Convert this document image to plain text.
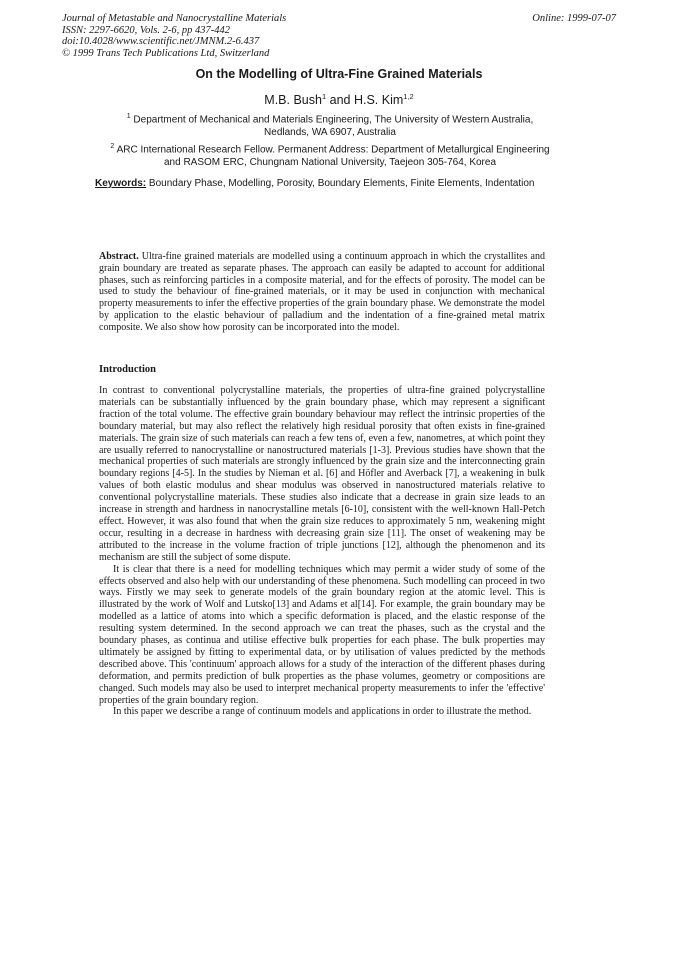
Journal of Metastable and Nanocrystalline Materials
ISSN: 2297-6620, Vols. 2-6, pp 437-442
doi:10.4028/www.scientific.net/JMNM.2-6.437
© 1999 Trans Tech Publications Ltd, Switzerland
Online: 1999-07-07
On the Modelling of Ultra-Fine Grained Materials
M.B. Bush$^1$ and H.S. Kim$^{1,2}$
$^1$ Department of Mechanical and Materials Engineering, The University of Western Australia, Nedlands, WA 6907, Australia
$^2$ ARC International Research Fellow. Permanent Address: Department of Metallurgical Engineering and RASOM ERC, Chungnam National University, Taejeon 305-764, Korea
Keywords: Boundary Phase, Modelling, Porosity, Boundary Elements, Finite Elements, Indentation
Abstract. Ultra-fine grained materials are modelled using a continuum approach in which the crystallites and grain boundary are treated as separate phases. The approach can easily be adapted to account for additional phases, such as reinforcing particles in a composite material, and for the effects of porosity. The model can be used to study the behaviour of fine-grained materials, or it may be used in conjunction with mechanical property measurements to infer the effective properties of the grain boundary phase. We demonstrate the model by application to the elastic behaviour of palladium and the indentation of a fine-grained metal matrix composite. We also show how porosity can be incorporated into the model.
Introduction

In contrast to conventional polycrystalline materials, the properties of ultra-fine grained polycrystalline materials can be substantially influenced by the grain boundary phase, which may represent a significant fraction of the total volume. The effective grain boundary behaviour may reflect the intrinsic properties of the boundary material, but may also reflect the relatively high residual porosity that often exists in fine-grained materials. The grain size of such materials can reach a few tens of, even a few, nanometres, at which point they are usually referred to nanocrystalline or nanostructured materials [1-3]. Previous studies have shown that the mechanical properties of such materials are strongly influenced by the grain size and the interconnecting grain boundary regions [4-5]. In the studies by Nieman et al. [6] and Höfler and Averback [7], a weakening in bulk values of both elastic modulus and shear modulus was observed in nanostructured materials relative to conventional polycrystalline materials. These studies also indicate that a decrease in grain size leads to an increase in strength and hardness in nanocrystalline metals [6-10], consistent with the well-known Hall-Petch effect. However, it was also found that when the grain size reduces to approximately 5 nm, weakening might occur, resulting in a decrease in hardness with decreasing grain size [11]. The onset of weakening may be attributed to the increase in the volume fraction of triple junctions [12], although the phenomenon and its mechanism are still the subject of some dispute.

It is clear that there is a need for modelling techniques which may permit a wider study of some of the effects observed and also help with our understanding of these phenomena. Such modelling can proceed in two ways. Firstly we may seek to generate models of the grain boundary region at the atomic level. This is illustrated by the work of Wolf and Lutsko[13] and Adams et al[14]. For example, the grain boundary may be modelled as a lattice of atoms into which a specific deformation is placed, and the elastic response of the resulting system determined. In the second approach we can treat the phases, such as the crystal and the boundary phases, as continua and utilise effective bulk properties for each phase. The bulk properties may ultimately be assigned by fitting to experimental data, or by utilisation of values predicted by the methods described above. This 'continuum' approach allows for a study of the interaction of the different phases during deformation, and permits prediction of bulk properties as the phase volumes, geometry or compositions are changed. Such models may also be used to interpret mechanical property measurements to infer the 'effective' properties of the grain boundary region.

In this paper we describe a range of continuum models and applications in order to illustrate the method.
